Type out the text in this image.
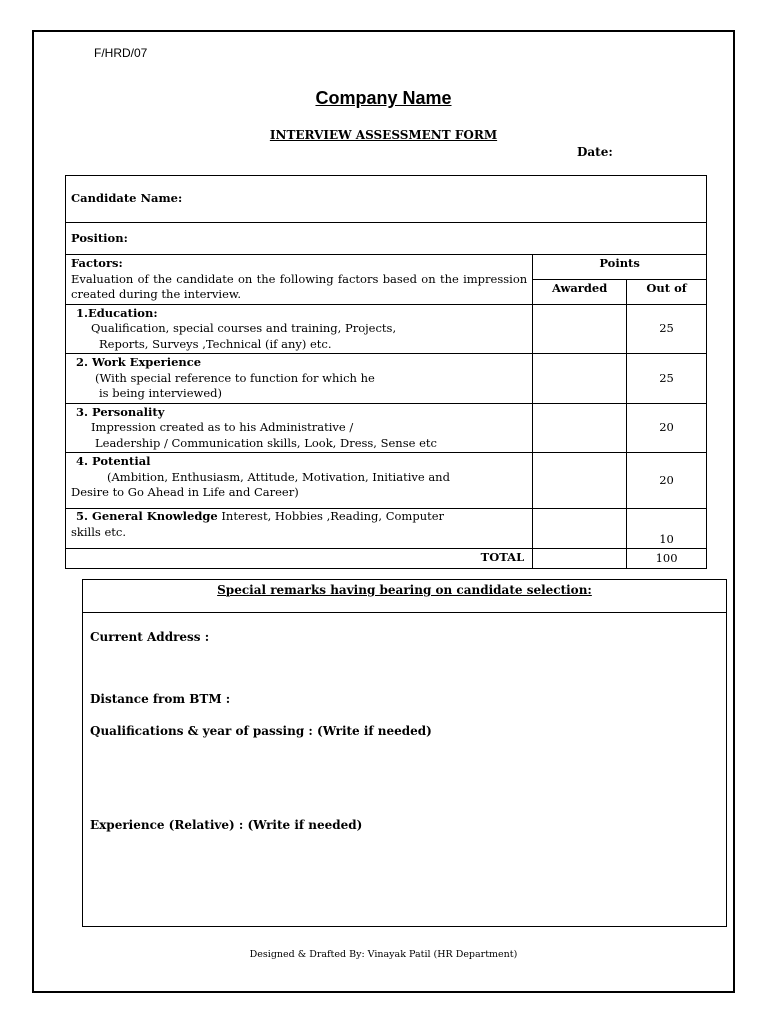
F/HRD/07
Company Name
INTERVIEW ASSESSMENT FORM
Date:
Candidate Name:		
Position:		

Factors:
Evaluation of the candidate on the following factors based on the impression created during the interview.	Points	
	Awarded	Out of

1.Education:
Qualification, special courses and training, Projects,
Reports, Surveys ,Technical (if any) etc.		25

2. Work Experience
(With special reference to function for which he
is being interviewed)		25

3. Personality
Impression created as to his Administrative /
Leadership / Communication skills, Look, Dress, Sense etc		20

4. Potential
(Ambition, Enthusiasm, Attitude, Motivation, Initiative and
Desire to Go Ahead in Life and Career)		20

5. General Knowledge Interest, Hobbies ,Reading, Computer
skills etc.		10
TOTAL		100
Special remarks having bearing on candidate selection:
Current Address :
Distance from BTM :
Qualifications & year of passing : (Write if needed)
Experience (Relative) : (Write if needed)
Designed & Drafted By: Vinayak Patil (HR Department)
